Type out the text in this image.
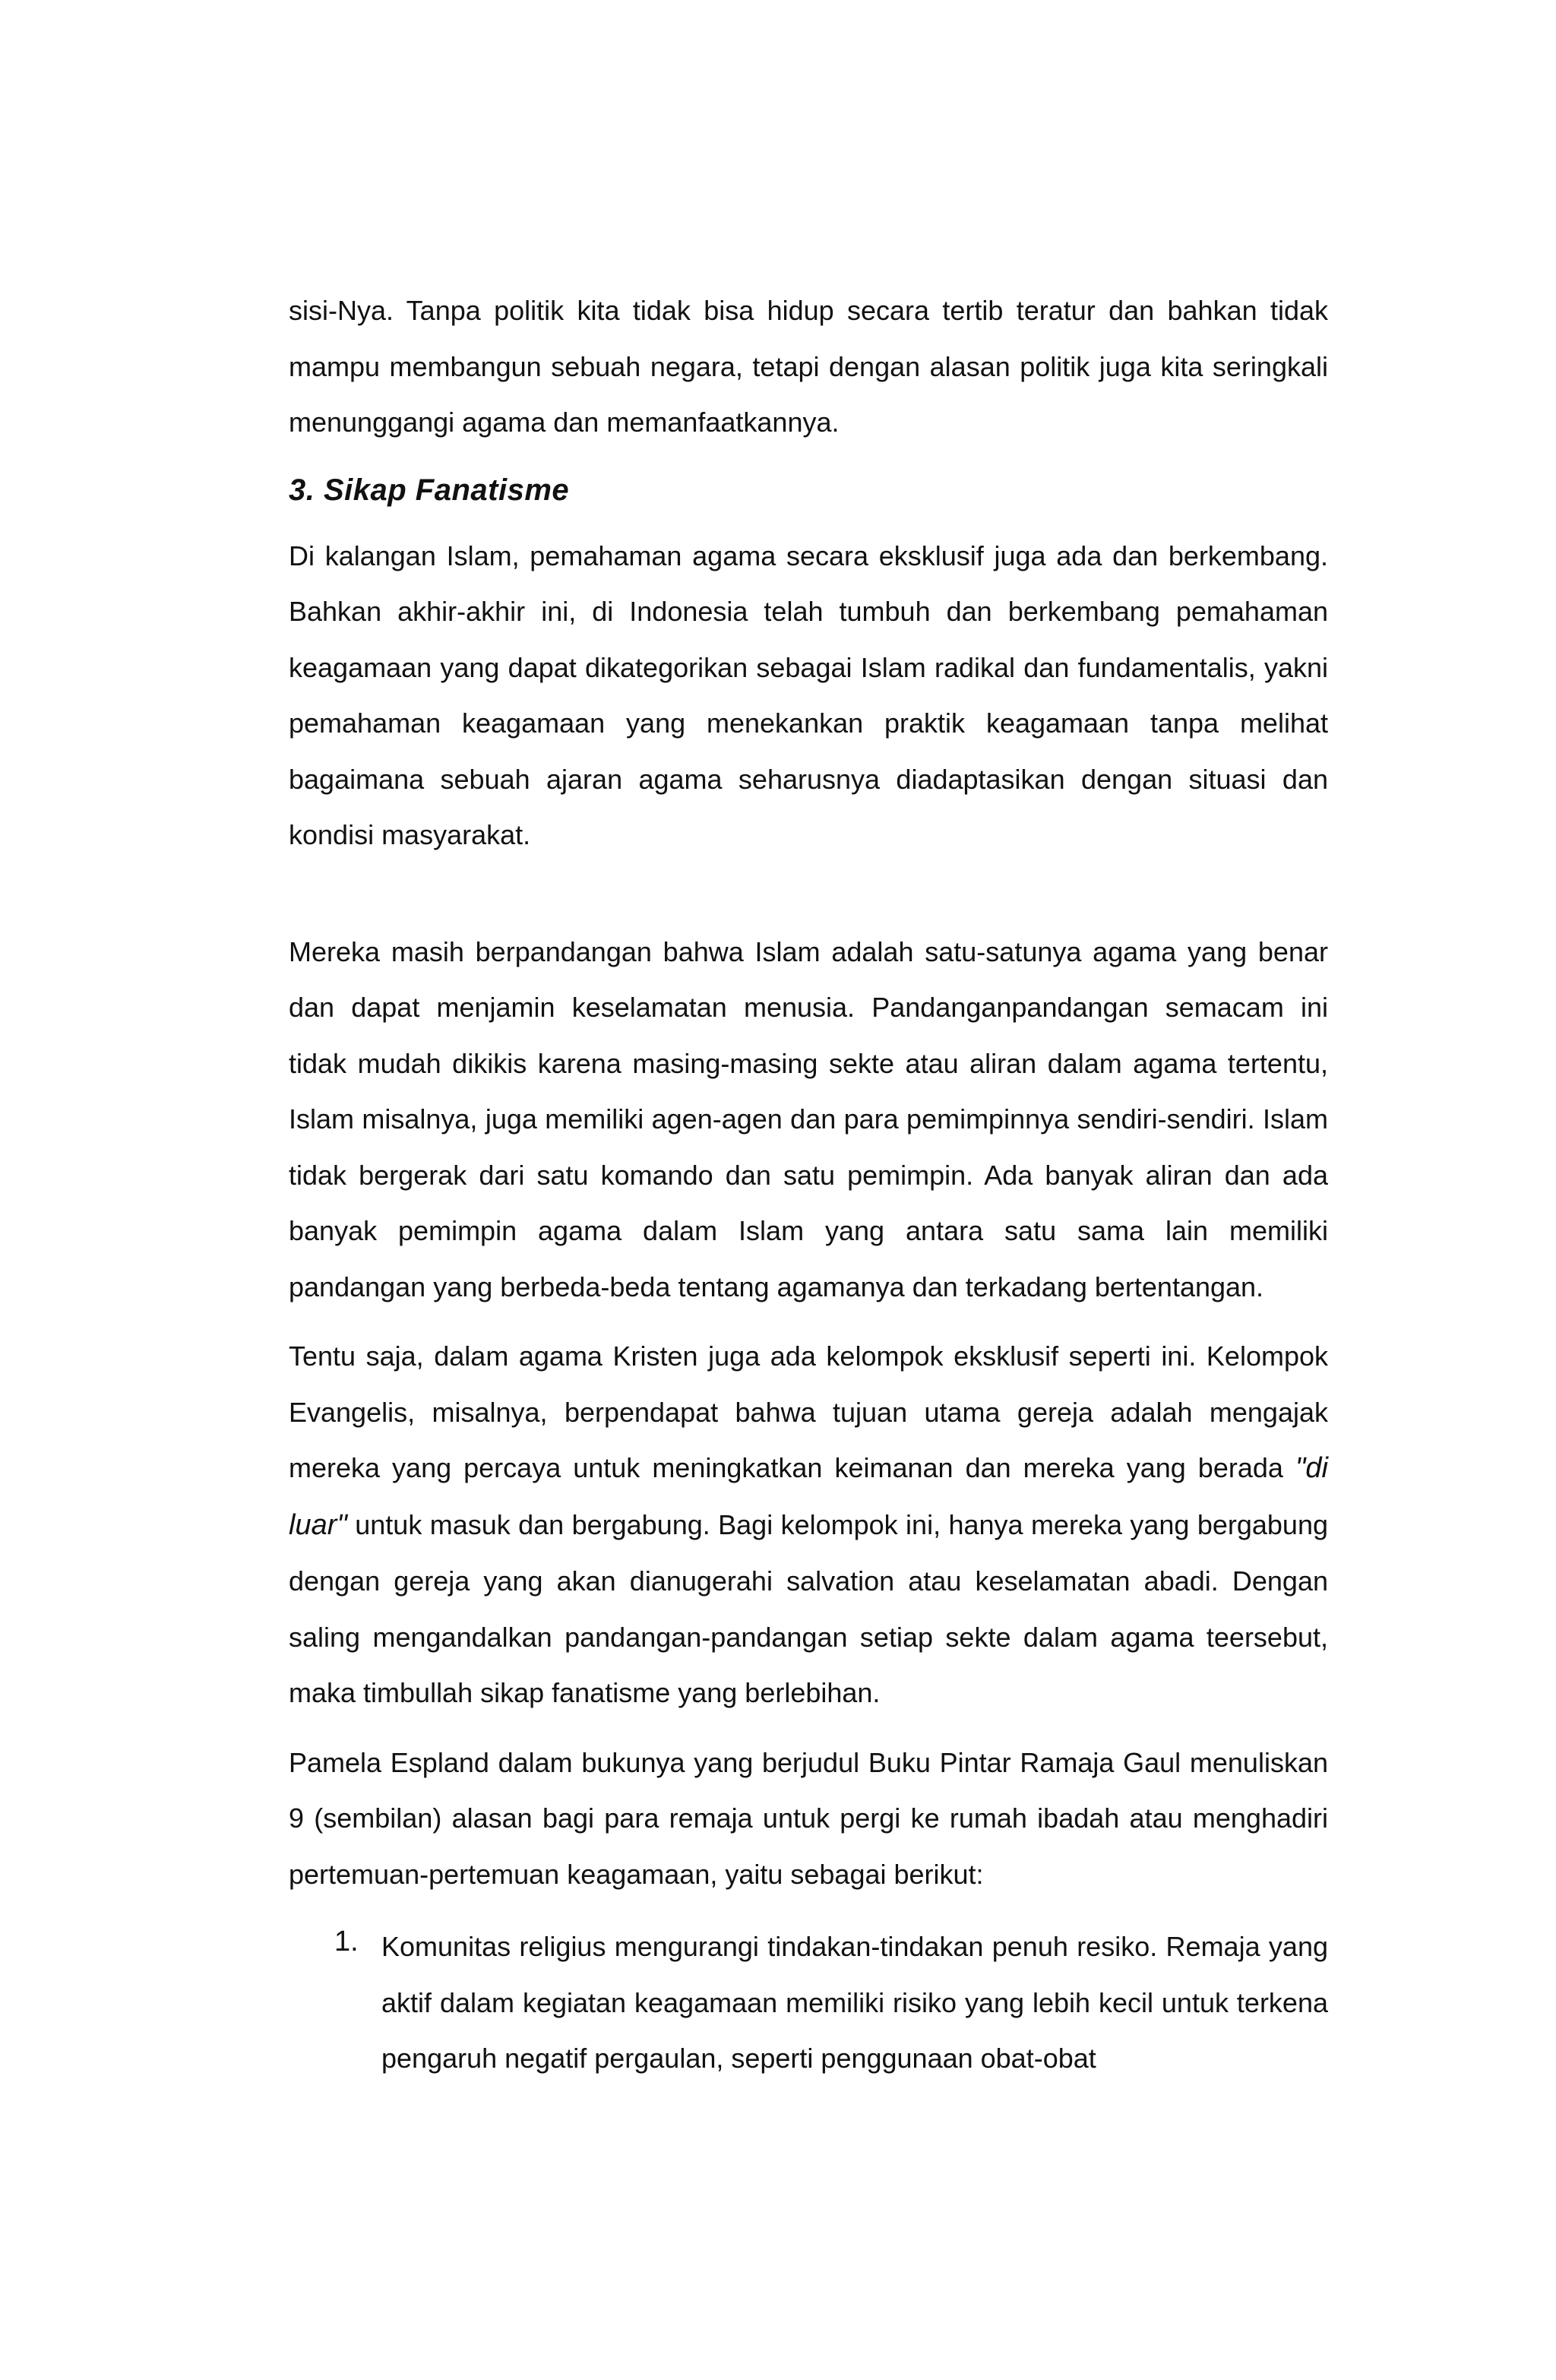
sisi-Nya. Tanpa politik kita tidak bisa hidup secara tertib teratur dan bahkan tidak mampu membangun sebuah negara, tetapi dengan alasan politik juga kita seringkali menunggangi agama dan memanfaatkannya.

3. Sikap Fanatisme

Di kalangan Islam, pemahaman agama secara eksklusif juga ada dan berkembang. Bahkan akhir-akhir ini, di Indonesia telah tumbuh dan berkembang pemahaman keagamaan yang dapat dikategorikan sebagai Islam radikal dan fundamentalis, yakni pemahaman keagamaan yang menekankan praktik keagamaan tanpa melihat bagaimana sebuah ajaran agama seharusnya diadaptasikan dengan situasi dan kondisi masyarakat.

Mereka masih berpandangan bahwa Islam adalah satu-satunya agama yang benar dan dapat menjamin keselamatan menusia. Pandanganpandangan semacam ini tidak mudah dikikis karena masing-masing sekte atau aliran dalam agama tertentu, Islam misalnya, juga memiliki agen-agen dan para pemimpinnya sendiri-sendiri. Islam tidak bergerak dari satu komando dan satu pemimpin. Ada banyak aliran dan ada banyak pemimpin agama dalam Islam yang antara satu sama lain memiliki pandangan yang berbeda-beda tentang agamanya dan terkadang bertentangan.

Tentu saja, dalam agama Kristen juga ada kelompok eksklusif seperti ini. Kelompok Evangelis, misalnya, berpendapat bahwa tujuan utama gereja adalah mengajak mereka yang percaya untuk meningkatkan keimanan dan mereka yang berada "di luar" untuk masuk dan bergabung. Bagi kelompok ini, hanya mereka yang bergabung dengan gereja yang akan dianugerahi salvation atau keselamatan abadi. Dengan saling mengandalkan pandangan-pandangan setiap sekte dalam agama teersebut, maka timbullah sikap fanatisme yang berlebihan.

Pamela Espland dalam bukunya yang berjudul Buku Pintar Ramaja Gaul menuliskan 9 (sembilan) alasan bagi para remaja untuk pergi ke rumah ibadah atau menghadiri pertemuan-pertemuan keagamaan, yaitu sebagai berikut:

1. Komunitas religius mengurangi tindakan-tindakan penuh resiko. Remaja yang aktif dalam kegiatan keagamaan memiliki risiko yang lebih kecil untuk terkena pengaruh negatif pergaulan, seperti penggunaan obat-obat
